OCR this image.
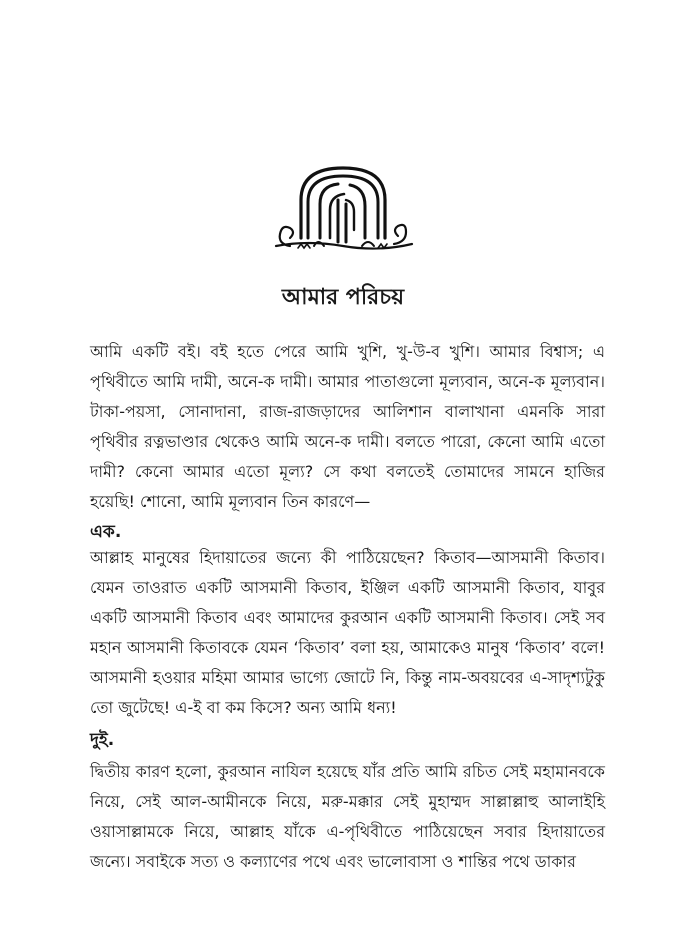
আমার পরিচয়

আমি একটি বই। বই হতে পেরে আমি খুশি, খু-উ-ব খুশি। আমার বিশ্বাস; এ পৃথিবীতে আমি দামী, অনে-ক দামী। আমার পাতাগুলো মূল্যবান, অনে-ক মূল্যবান। টাকা-পয়সা, সোনাদানা, রাজ-রাজড়াদের আলিশান বালাখানা এমনকি সারা পৃথিবীর রত্নভাণ্ডার থেকেও আমি অনে-ক দামী। বলতে পারো, কেনো আমি এতো দামী? কেনো আমার এতো মূল্য? সে কথা বলতেই তোমাদের সামনে হাজির হয়েছি! শোনো, আমি মূল্যবান তিন কারণে—

এক.

আল্লাহ মানুষের হিদায়াতের জন্যে কী পাঠিয়েছেন? কিতাব—আসমানী কিতাব। যেমন তাওরাত একটি আসমানী কিতাব, ইঞ্জিল একটি আসমানী কিতাব, যাবুর একটি আসমানী কিতাব এবং আমাদের কুরআন একটি আসমানী কিতাব। সেই সব মহান আসমানী কিতাবকে যেমন ‘কিতাব’ বলা হয়, আমাকেও মানুষ ‘কিতাব’ বলে! আসমানী হওয়ার মহিমা আমার ভাগ্যে জোটে নি, কিন্তু নাম-অবয়বের এ-সাদৃশ্যটুকু তো জুটেছে! এ-ই বা কম কিসে? অন্য আমি ধন্য!

দুই.

দ্বিতীয় কারণ হলো, কুরআন নাযিল হয়েছে যাঁর প্রতি আমি রচিত সেই মহামানবকে নিয়ে, সেই আল-আমীনকে নিয়ে, মরু-মক্কার সেই মুহাম্মদ সাল্লাল্লাহু আলাইহি ওয়াসাল্লামকে নিয়ে, আল্লাহ যাঁকে এ-পৃথিবীতে পাঠিয়েছেন সবার হিদায়াতের জন্যে। সবাইকে সত্য ও কল্যাণের পথে এবং ভালোবাসা ও শান্তির পথে ডাকার
